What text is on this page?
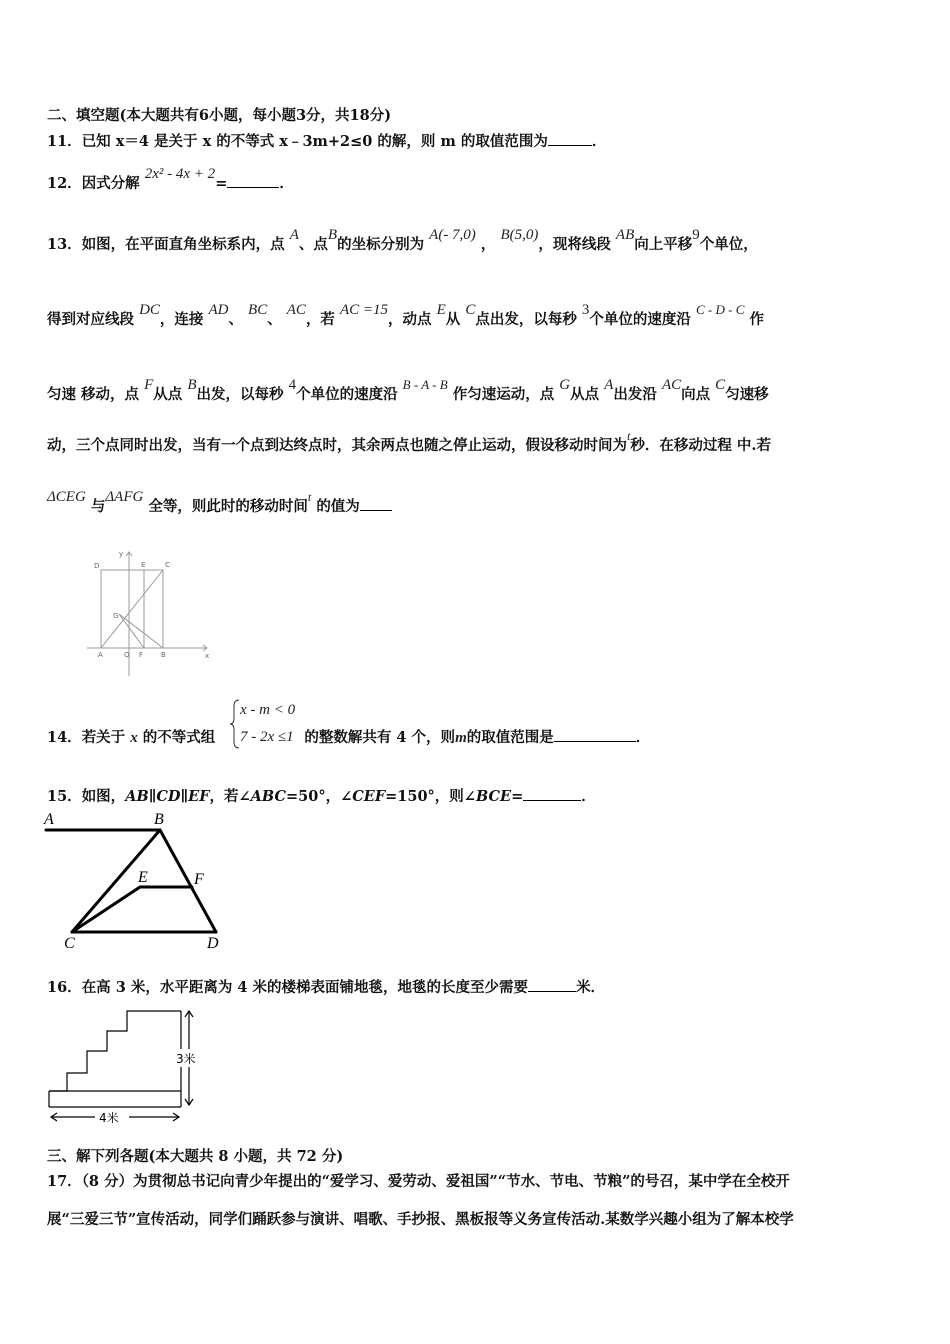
二、填空题(本大题共有6小题，每小题3分，共18分)
11．已知 x＝4 是关于 x 的不等式 x﹣3m+2≤0 的解，则 m 的取值范围为	．
12．因式分解 2x² - 4x + 2=	．
13．如图，在平面直角坐标系内，点 A、点B的坐标分别为 A(- 7,0) ， B(5,0)，现将线段 AB向上平移9个单位，
得到对应线段 DC，连接 AD、 BC、 AC，若 AC =15，动点 E从 C点出发，以每秒 3个单位的速度沿 C - D - C 作
匀速 移动，点 F从点 B出发，以每秒 4个单位的速度沿 B - A - B 作匀速运动，点 G从点 A出发沿 AC向点 C匀速移
动，三个点同时出发，当有一个点到达终点时，其余两点也随之停止运动，假设移动时间为$^t$秒．在移动过程 中.若
ΔCEG 与ΔAFG 全等，则此时的移动时间$^t$ 的值为
D	E	C
G
A	O F	B	x
y
14．若关于 x 的不等式组	的整数解共有 4 个，则m的取值范围是	．
x - m < 0
7 - 2x ≤1
15．如图，AB∥CD∥EF，若∠ABC=50°，∠CEF=150°，则∠BCE=	．
A	B
E	F
C	D
16．在高 3 米，水平距离为 4 米的楼梯表面铺地毯，地毯的长度至少需要	米．
3米
4米
三、解下列各题(本大题共 8 小题，共 72 分)
17．（8 分）为贯彻总书记向青少年提出的“爱学习、爱劳动、爱祖国”“节水、节电、节粮”的号召，某中学在全校开
展“三爱三节”宣传活动，同学们踊跃参与演讲、唱歌、手抄报、黑板报等义务宣传活动.某数学兴趣小组为了解本校学
